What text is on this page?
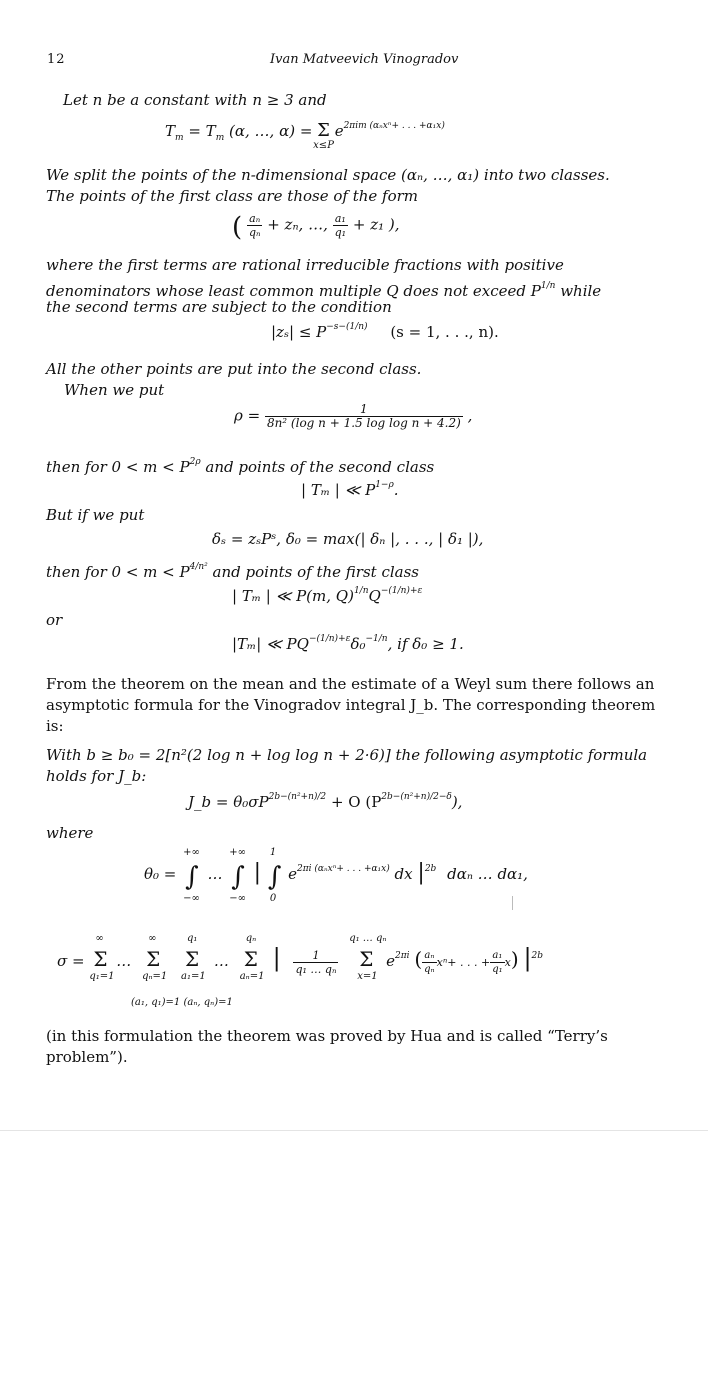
12	Ivan Matveevich Vinogradov
Let n be a constant with n ≥ 3 and
$T_m = T_m$ (α, …, α) = Σ
x≤P
$e^{2\pi im (\alpha_nx^n+ . . . +\alpha_1x)}$
We split the points of the n-dimensional space (αₙ, …, α₁) into two classes.
The points of the first class are those of the form
( $\frac{\text{aₙ}}{\text{qₙ}} + z_n$, …, $\frac{\text{a₁}}{\text{q₁}} + z_1$ ),
where the first terms are rational irreducible fractions with positive
denominators whose least common multiple Q does not exceed $P^{1/n}$ while
the second terms are subject to the condition
$|z_s| \le P^{-s-(1/n)}$ (s = 1, . . ., n).
All the other points are put into the second class.
When we put
$\rho = \frac{1}{\text{8n² (log n + 1.5 log log n + 4.2)}}$ ,
then for $0 < m < P^{2\rho}$ and points of the second class
| Tₘ | ≪ $P^{1-\rho}$.
But if we put
δₛ = zₛPˢ, δ₀ = max(| δₙ |, . . ., | δ₁ |),
then for $0 < m < P^{4/n^2}$ and points of the first class
| Tₘ | ≪ P(m, $Q)^{1/n}Q^{-(1/n)+\varepsilon}$
or
|Tₘ| ≪ $PQ^{-(1/n)+\varepsilon}\delta_0^{-1/n}$, if δ₀ ≥ 1.
From the theorem on the mean and the estimate of a Weyl sum there follows an asymptotic formula for the Vinogradov integral J_b. The corresponding theorem is:
With b ≥ b₀ = 2[n²(2 log n + log log n + 2·6)] the following asymptotic formula holds for J_b:
J_b = $\theta_0\sigma P^{2b-(n^2+n)/2} + O$ $(P^{2b-(n^2+n)/2-\delta})$,
where
θ₀ = ∫
+∞
−∞
… ∫
+∞
−∞
| ∫
1
0
$e^{2\pi i (\alpha_nx^n+ . . . +\alpha_1x)}$ dx $|^{2b}$ dαₙ … dα₁,
σ = Σ
∞
q₁=1
… Σ
∞
qₙ=1
Σ
q₁
a₁=1
… Σ
qₙ
aₙ=1
| $\frac{1}{\text{q₁ … qₙ}}$ Σ
q₁ … qₙ
x=1
$e^{2\pi i}$ ( $\frac{\text{aₙ}}{\text{qₙ}} x^n+$ . . . + $\frac{\text{a₁}}{\text{q₁}} x$) $|^{2b}$
(a₁, q₁)=1 (aₙ, qₙ)=1
(in this formulation the theorem was proved by Hua and is called “Terry’s problem”).
